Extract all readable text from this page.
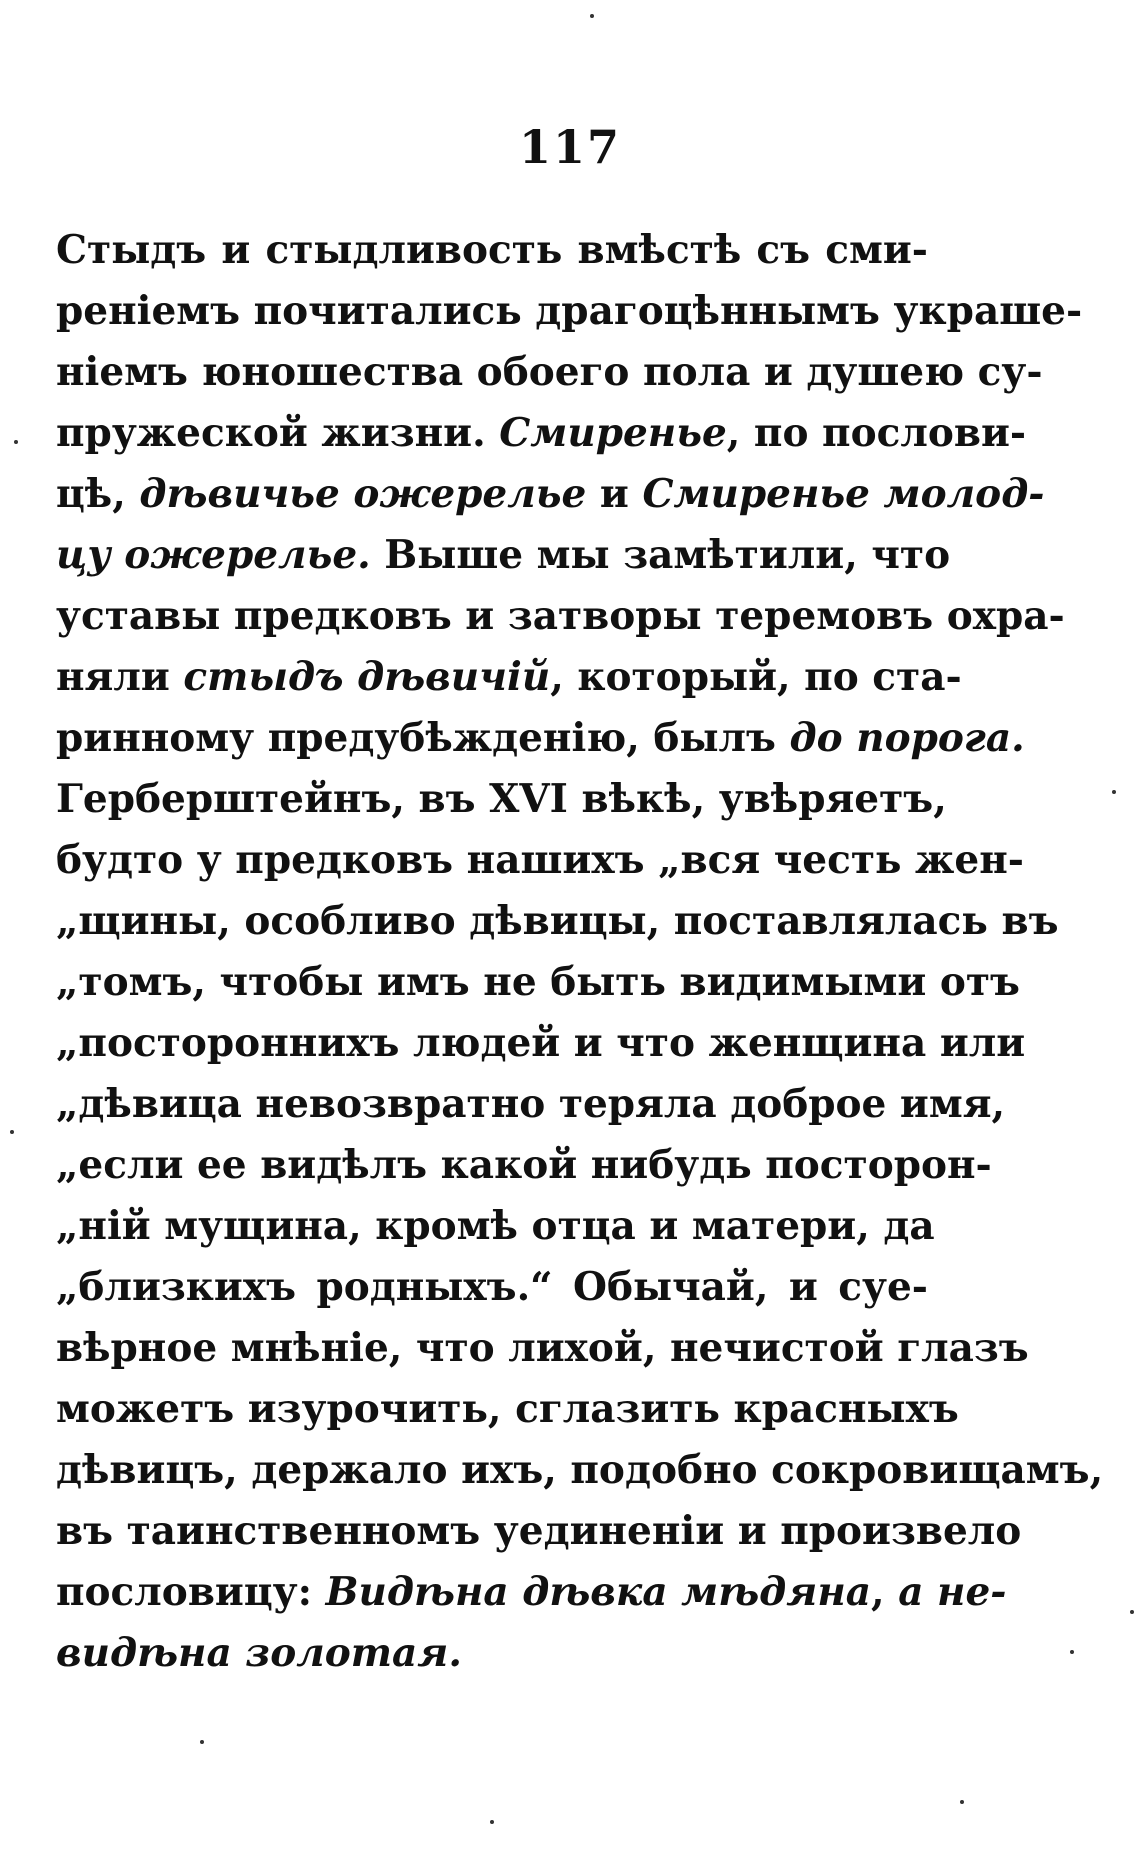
117
Стыдъ и стыдливость вмѣстѣ съ сми-
реніемъ почитались драгоцѣннымъ украше-
ніемъ юношества обоего пола и душею су-
пружеской жизни. Смиренье, по послови-
цѣ, дѣвичье ожерелье и Смиренье молод-
цу ожерелье. Выше мы замѣтили, что
уставы предковъ и затворы теремовъ охра-
няли стыдъ дѣвичій, который, по ста-
ринному предубѣжденію, былъ до порога.
Герберштейнъ, въ XVI вѣкѣ, увѣряетъ,
будто у предковъ нашихъ „вся честь жен-
„щины, особливо дѣвицы, поставлялась въ
„томъ, чтобы имъ не быть видимыми отъ
„постороннихъ людей и что женщина или
„дѣвица невозвратно теряла доброе имя,
„если ее видѣлъ какой нибудь посторон-
„ній мущина, кромѣ отца и матери, да
„близкихъ родныхъ.“ Обычай, и суе-
вѣрное мнѣніе, что лихой, нечистой глазъ
можетъ изурочить, сглазить красныхъ
дѣвицъ, держало ихъ, подобно сокровищамъ,
въ таинственномъ уединеніи и произвело
пословицу: Видѣна дѣвка мѣдяна, а не-
видѣна золотая.
